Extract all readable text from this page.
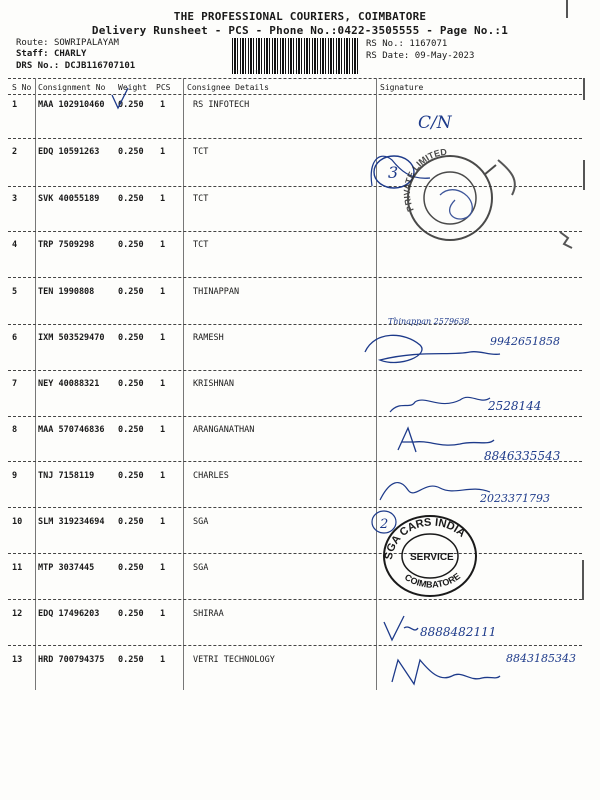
THE PROFESSIONAL COURIERS, COIMBATORE
Delivery Runsheet - PCS - Phone No.:0422-3505555 - Page No.:1
Route: SOWRIPALAYAM
Staff: CHARLY
DRS No.: DCJB116707101
RS No.: 1167071
RS Date: 09-May-2023
S No Consignment No Weight PCS Consignee Details	Signature
1 MAA 102910460 0.250 1	RS INFOTECH
2 EDQ 10591263 0.250 1	TCT
3 SVK 40055189 0.250 1	TCT
4 TRP 7509298	0.250 1	TCT
5 TEN 1990808	0.250 1	THINAPPAN
6 IXM 503529470 0.250 1	RAMESH
7 NEY 40088321 0.250 1	KRISHNAN
8 MAA 570746836 0.250 1	ARANGANATHAN
9 TNJ 7158119	0.250 1	CHARLES
10 SLM 319234694 0.250 1	SGA
11 MTP 3037445	0.250 1	SGA
12 EDQ 17496203 0.250 1	SHIRAA
13 HRD 700794375 0.250 1	VETRI TECHNOLOGY
C/N
3
PRIVATE LIMITED
Thinappan 2579638
9942651858
2528144
8846335543
2023371793
SGA CARS INDIA
SERVICE
COIMBATORE
2
8888482111
8843185343
